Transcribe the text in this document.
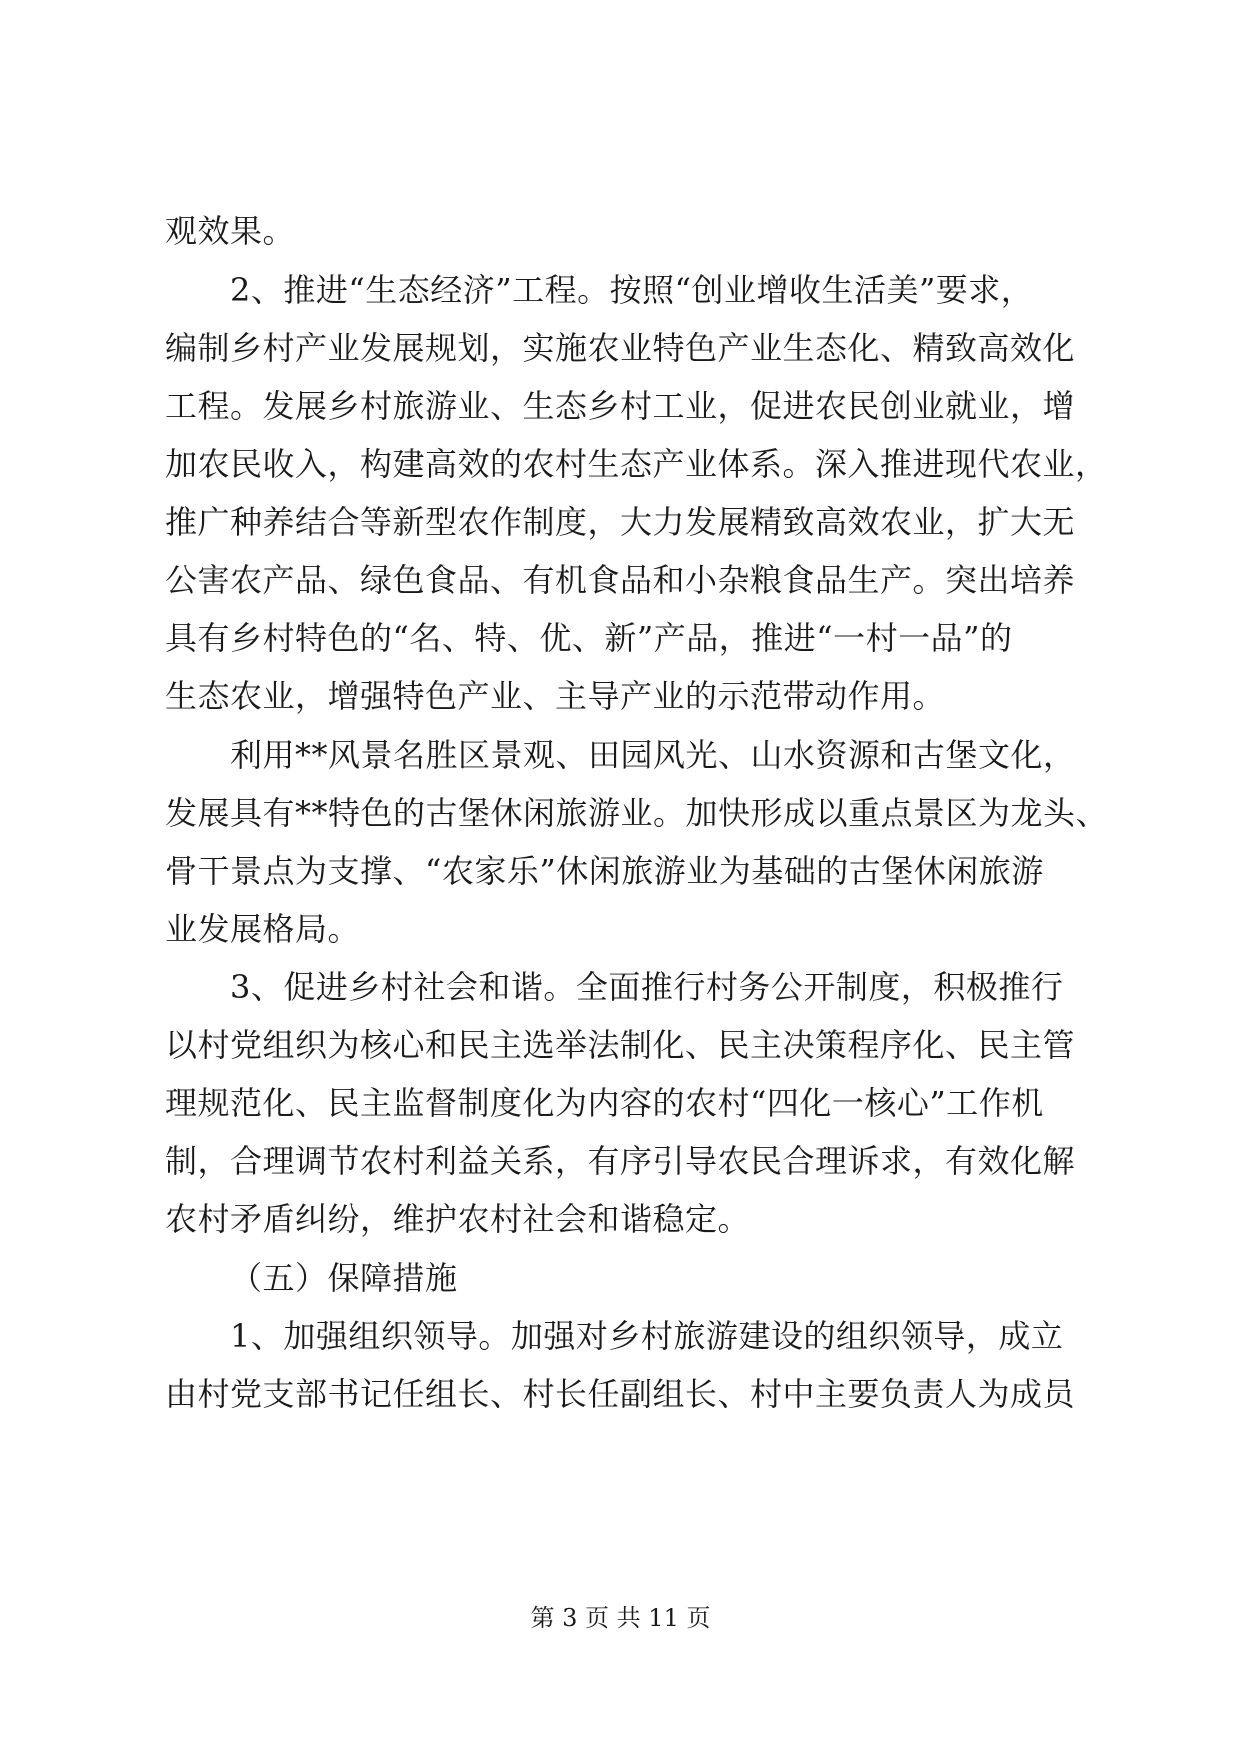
观效果。
2、推进“生态经济”工程。按照“创业增收生活美”要求，
编制乡村产业发展规划，实施农业特色产业生态化、精致高效化
工程。发展乡村旅游业、生态乡村工业，促进农民创业就业，增
加农民收入，构建高效的农村生态产业体系。深入推进现代农业，
推广种养结合等新型农作制度，大力发展精致高效农业，扩大无
公害农产品、绿色食品、有机食品和小杂粮食品生产。突出培养
具有乡村特色的“名、特、优、新”产品，推进“一村一品”的
生态农业，增强特色产业、主导产业的示范带动作用。
利用**风景名胜区景观、田园风光、山水资源和古堡文化，
发展具有**特色的古堡休闲旅游业。加快形成以重点景区为龙头、
骨干景点为支撑、“农家乐”休闲旅游业为基础的古堡休闲旅游
业发展格局。
3、促进乡村社会和谐。全面推行村务公开制度，积极推行
以村党组织为核心和民主选举法制化、民主决策程序化、民主管
理规范化、民主监督制度化为内容的农村“四化一核心”工作机
制，合理调节农村利益关系，有序引导农民合理诉求，有效化解
农村矛盾纠纷，维护农村社会和谐稳定。
（五）保障措施
1、加强组织领导。加强对乡村旅游建设的组织领导，成立
由村党支部书记任组长、村长任副组长、村中主要负责人为成员
第 3 页 共 11 页
